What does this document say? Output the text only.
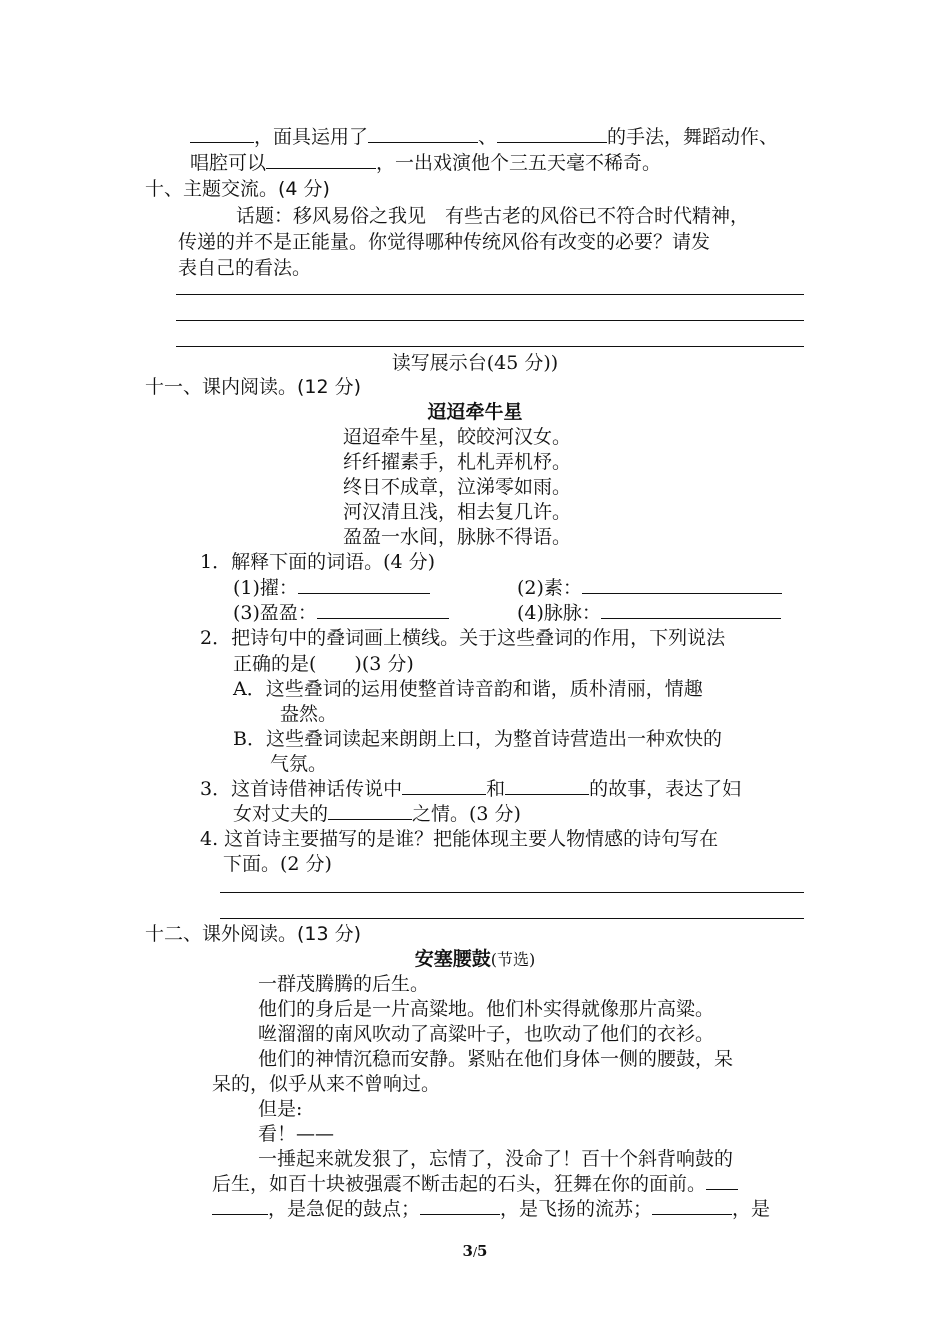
，面具运用了	、	的手法，舞蹈动作、
唱腔可以	，一出戏演他个三五天毫不稀奇。
十、主题交流。(4 分)
话题：移风易俗之我见　有些古老的风俗已不符合时代精神，
传递的并不是正能量。你觉得哪种传统风俗有改变的必要？请发
表自己的看法。
读写展示台(45 分))
十一、课内阅读。(12 分)
迢迢牵牛星
迢迢牵牛星，皎皎河汉女。
纤纤擢素手，札札弄机杼。
终日不成章，泣涕零如雨。
河汉清且浅，相去复几许。
盈盈一水间，脉脉不得语。
1．解释下面的词语。(4 分)
(1)擢：	(2)素：
(3)盈盈：	(4)脉脉：
2．把诗句中的叠词画上横线。关于这些叠词的作用，下列说法
正确的是(　　)(3 分)
A．这些叠词的运用使整首诗音韵和谐，质朴清丽，情趣
盎然。
B．这些叠词读起来朗朗上口，为整首诗营造出一种欢快的
气氛。
3．这首诗借神话传说中	和	的故事，表达了妇
女对丈夫的	之情。(3 分)
4. 这首诗主要描写的是谁？把能体现主要人物情感的诗句写在
下面。(2 分)
十二、课外阅读。(13 分)
安塞腰鼓(节选)
一群茂腾腾的后生。
他们的身后是一片高粱地。他们朴实得就像那片高粱。
咝溜溜的南风吹动了高粱叶子，也吹动了他们的衣衫。
他们的神情沉稳而安静。紧贴在他们身体一侧的腰鼓，呆
呆的，似乎从来不曾响过。
但是:
看！——
一捶起来就发狠了，忘情了，没命了！百十个斜背响鼓的
后生，如百十块被强震不断击起的石头，狂舞在你的面前。
，是急促的鼓点；	，是飞扬的流苏；	，是
3/5
